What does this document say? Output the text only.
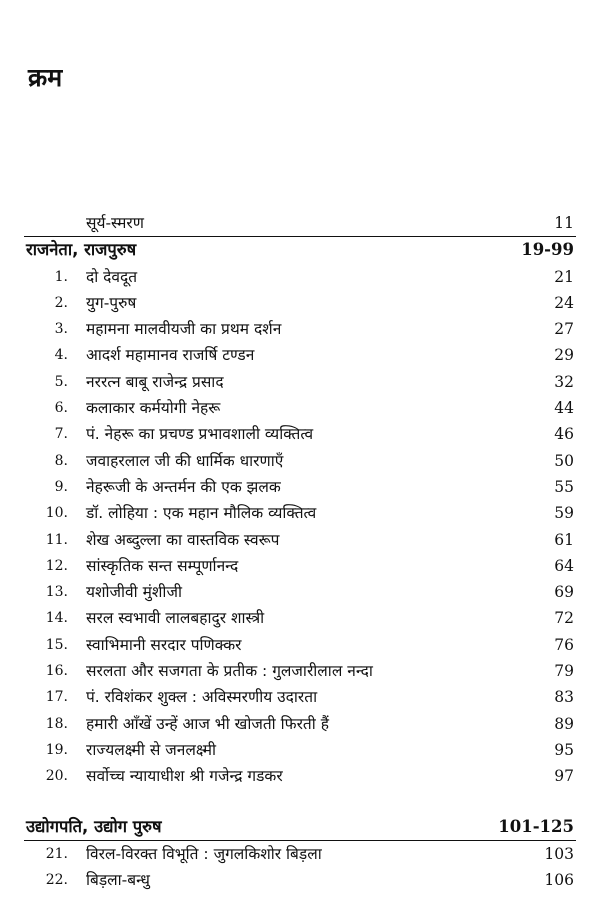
क्रम
सूर्य-स्मरण	11
राजनेता, राजपुरुष	19-99
1. दो देवदूत	21
2. युग-पुरुष	24
3. महामना मालवीयजी का प्रथम दर्शन	27
4. आदर्श महामानव राजर्षि टण्डन	29
5. नररत्न बाबू राजेन्द्र प्रसाद	32
6. कलाकार कर्मयोगी नेहरू	44
7. पं. नेहरू का प्रचण्ड प्रभावशाली व्यक्तित्व	46
8. जवाहरलाल जी की धार्मिक धारणाएँ	50
9. नेहरूजी के अन्तर्मन की एक झलक	55
10. डॉ. लोहिया : एक महान मौलिक व्यक्तित्व	59
11. शेख अब्दुल्ला का वास्तविक स्वरूप	61
12. सांस्कृतिक सन्त सम्पूर्णानन्द	64
13. यशोजीवी मुंशीजी	69
14. सरल स्वभावी लालबहादुर शास्त्री	72
15. स्वाभिमानी सरदार पणिक्कर	76
16. सरलता और सजगता के प्रतीक : गुलजारीलाल नन्दा	79
17. पं. रविशंकर शुक्ल : अविस्मरणीय उदारता	83
18. हमारी आँखें उन्हें आज भी खोजती फिरती हैं	89
19. राज्यलक्ष्मी से जनलक्ष्मी	95
20. सर्वोच्च न्यायाधीश श्री गजेन्द्र गडकर	97
उद्योगपति, उद्योग पुरुष	101-125
21. विरल-विरक्त विभूति : जुगलकिशोर बिड़ला	103
22. बिड़ला-बन्धु	106
